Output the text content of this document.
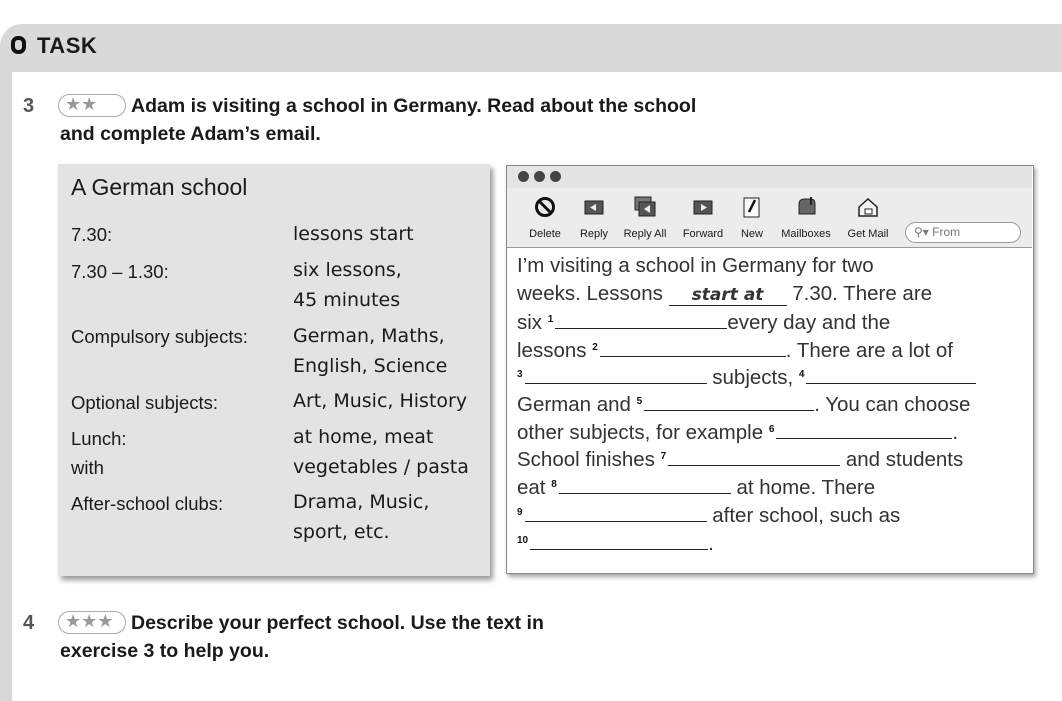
TASK
3	★★	Adam is visiting a school in Germany. Read about the school
and complete Adam’s email.
A German school
7.30:	lessons start
7.30 – 1.30:	six lessons,
45 minutes
Compulsory subjects: German, Maths,
English, Science
Optional subjects:	Art, Music, History
Lunch:	at home, meat
with	vegetables / pasta
After-school clubs:	Drama, Music,
sport, etc.
Delete	Reply	Reply All	Forward	New	Mailboxes	Get Mail	⚲▾ From
I’m visiting a school in Germany for two
weeks. Lessons start at 7.30. There are
six $^1$	every day and the
lessons $^2$	. There are a lot of
$^3$	subjects, $^4$
German and $^5$	. You can choose
other subjects, for example $^6$	.
School finishes $^7$	and students
eat $^8$	at home. There
$^9$	after school, such as
$^{10}$	.
4	★★★ Describe your perfect school. Use the text in
exercise 3 to help you.
